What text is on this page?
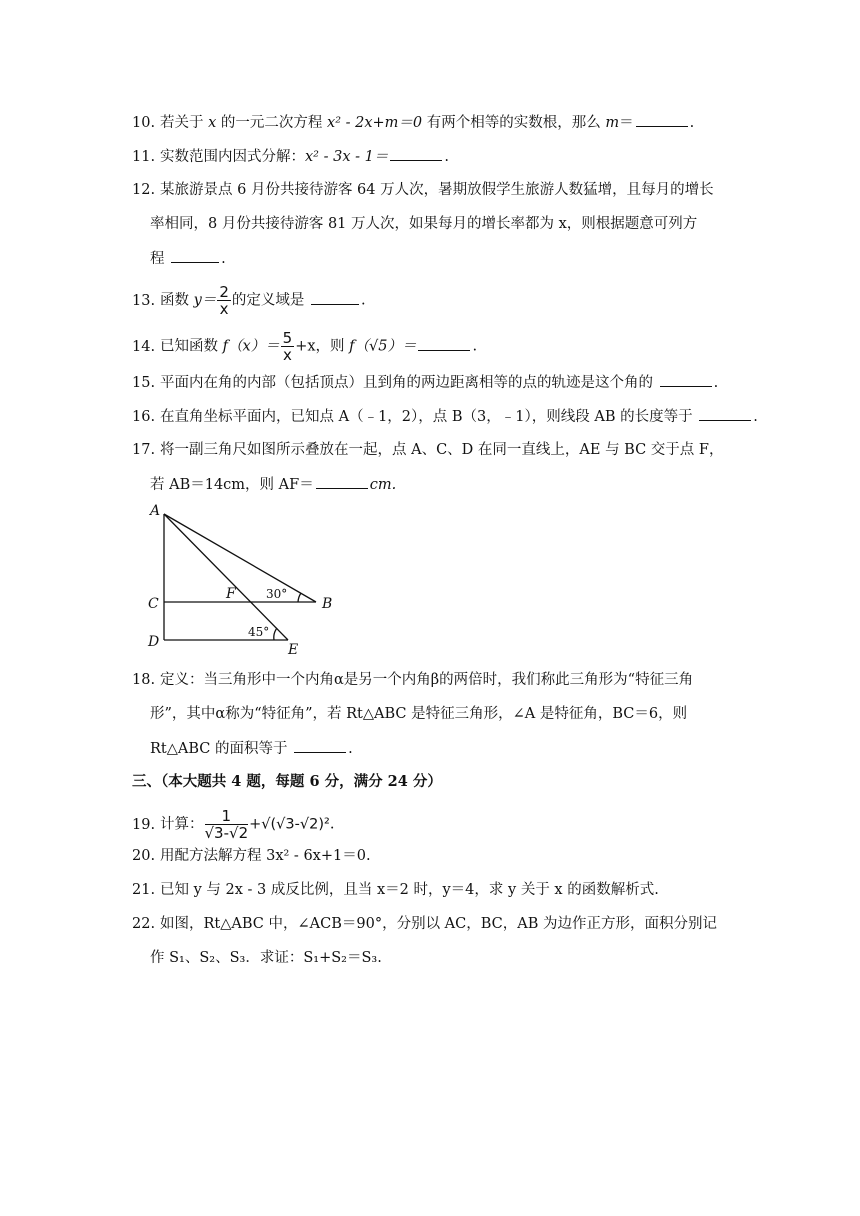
10. 若关于 x 的一元二次方程 x² ‑ 2x+m＝0 有两个相等的实数根，那么 m＝	.
11. 实数范围内因式分解：x² ‑ 3x ‑ 1＝	.
12. 某旅游景点 6 月份共接待游客 64 万人次，暑期放假学生旅游人数猛增，且每月的增长
率相同，8 月份共接待游客 81 万人次，如果每月的增长率都为 x，则根据题意可列方
程	.
13. 函数 $y= \frac{2}{x}$ 的定义域是	.
14. 已知函数 $f(x)= \frac{5}{x} +x$，则 f（√5）＝	.
15. 平面内在角的内部（包括顶点）且到角的两边距离相等的点的轨迹是这个角的	.
16. 在直角坐标平面内，已知点 A（﹣1，2），点 B（3，﹣1），则线段 AB 的长度等于	.
17. 将一副三角尺如图所示叠放在一起，点 A、C、D 在同一直线上，AE 与 BC 交于点 F，
若 AB＝14cm，则 AF＝	cm.
A
C
D
B
E
F	30°
45°
18. 定义：当三角形中一个内角α是另一个内角β的两倍时，我们称此三角形为“特征三角
形”，其中α称为“特征角”，若 Rt△ABC 是特征三角形，∠A 是特征角，BC＝6，则
Rt△ABC 的面积等于	.
三、（本大题共 4 题，每题 6 分，满分 24 分）
19. 计算： $\frac{1}{√3‑√2}$ +√(√3‑√2)².
20. 用配方法解方程 3x² ‑ 6x+1＝0.
21. 已知 y 与 2x ‑ 3 成反比例，且当 x＝2 时，y＝4，求 y 关于 x 的函数解析式.
22. 如图，Rt△ABC 中，∠ACB＝90°，分别以 AC，BC，AB 为边作正方形，面积分别记
作 S₁、S₂、S₃．求证：S₁+S₂＝S₃.
